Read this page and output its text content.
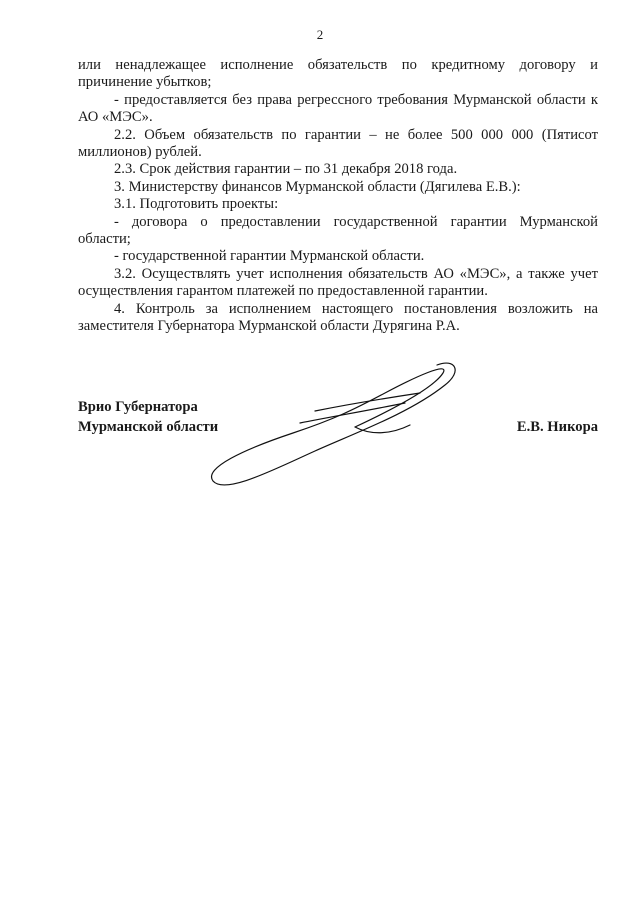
2

или ненадлежащее исполнение обязательств по кредитному договору и причинение убытков;

- предоставляется без права регрессного требования Мурманской области к АО «МЭС».

2.2. Объем обязательств по гарантии – не более 500 000 000 (Пятисот миллионов) рублей.

2.3. Срок действия гарантии – по 31 декабря 2018 года.

3. Министерству финансов Мурманской области (Дягилева Е.В.):

3.1. Подготовить проекты:

- договора о предоставлении государственной гарантии Мурманской области;

- государственной гарантии Мурманской области.

3.2. Осуществлять учет исполнения обязательств АО «МЭС», а также учет осуществления гарантом платежей по предоставленной гарантии.

4. Контроль за исполнением настоящего постановления возложить на заместителя Губернатора Мурманской области Дурягина Р.А.

Врио Губернатора
Мурманской области	Е.В. Никора
